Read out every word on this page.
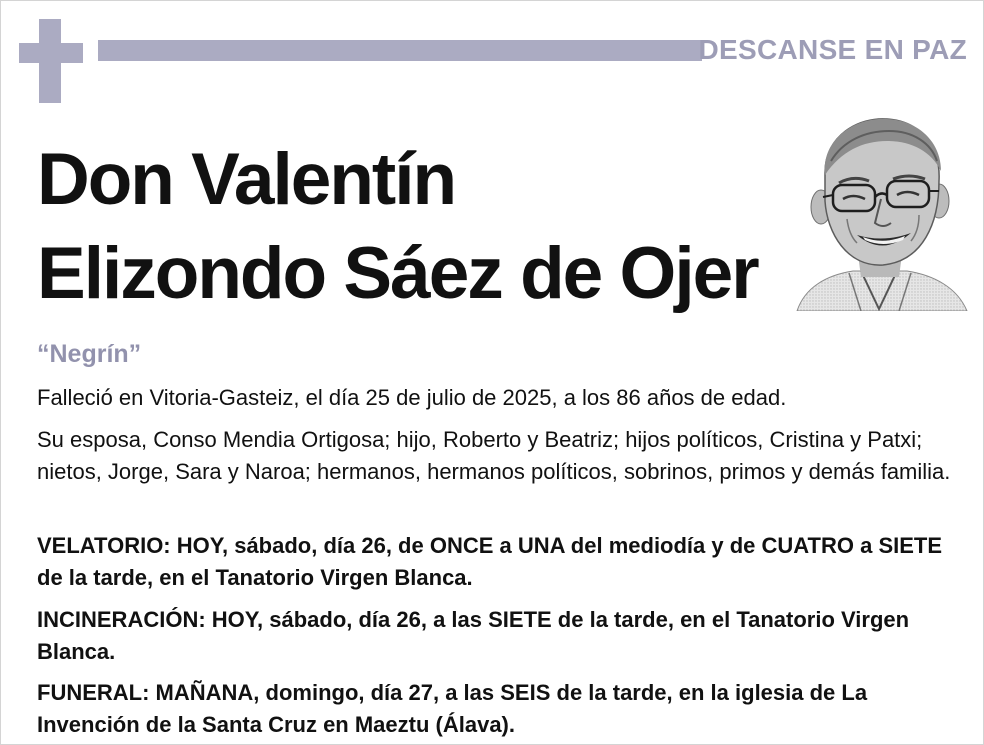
DESCANSE EN PAZ
Don Valentín
Elizondo Sáez de Ojer
“Negrín”

Falleció en Vitoria-Gasteiz, el día 25 de julio de 2025, a los 86 años de edad.

Su esposa, Conso Mendia Ortigosa; hijo, Roberto y Beatriz; hijos políticos, Cristina y Patxi; nietos, Jorge, Sara y Naroa; hermanos, hermanos políticos, sobrinos, primos y demás familia.

VELATORIO: HOY, sábado, día 26, de ONCE a UNA del mediodía y de CUATRO a SIETE de la tarde, en el Tanatorio Virgen Blanca.

INCINERACIÓN: HOY, sábado, día 26, a las SIETE de la tarde, en el Tanatorio Virgen Blanca.

FUNERAL: MAÑANA, domingo, día 27, a las SEIS de la tarde, en la iglesia de La Invención de la Santa Cruz en Maeztu (Álava).
